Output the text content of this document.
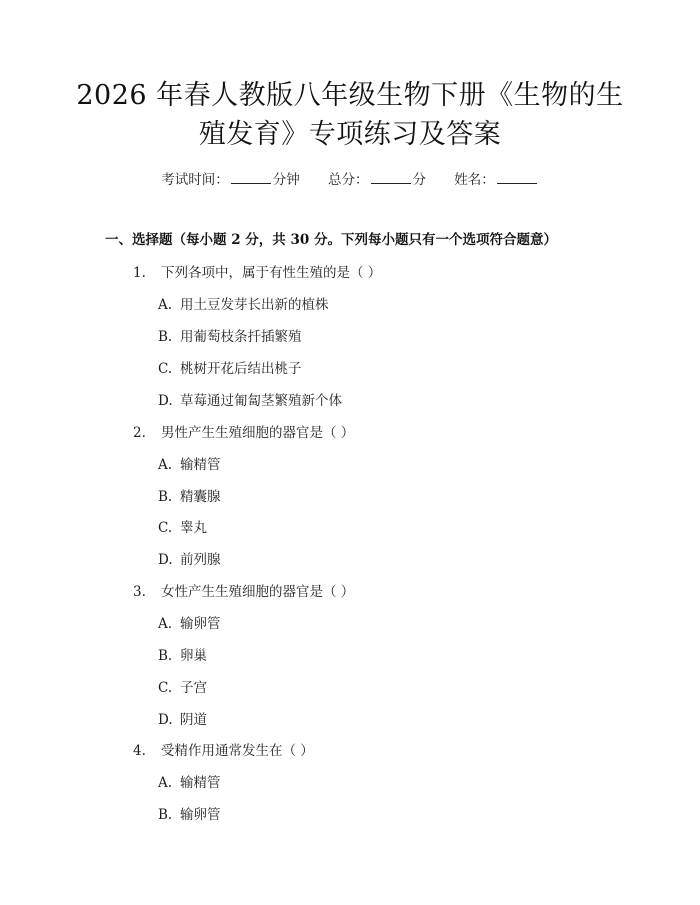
2026 年春人教版八年级生物下册《生物的生
殖发育》专项练习及答案
考试时间：	分钟 总分：	分 姓名：
一、选择题（每小题 2 分，共 30 分。下列每小题只有一个选项符合题意）
1. 下列各项中，属于有性生殖的是（ ）
A. 用土豆发芽长出新的植株
B. 用葡萄枝条扦插繁殖
C. 桃树开花后结出桃子
D. 草莓通过匍匐茎繁殖新个体
2. 男性产生生殖细胞的器官是（ ）
A. 输精管
B. 精囊腺
C. 睾丸
D. 前列腺
3. 女性产生生殖细胞的器官是（ ）
A. 输卵管
B. 卵巢
C. 子宫
D. 阴道
4. 受精作用通常发生在（ ）
A. 输精管
B. 输卵管
